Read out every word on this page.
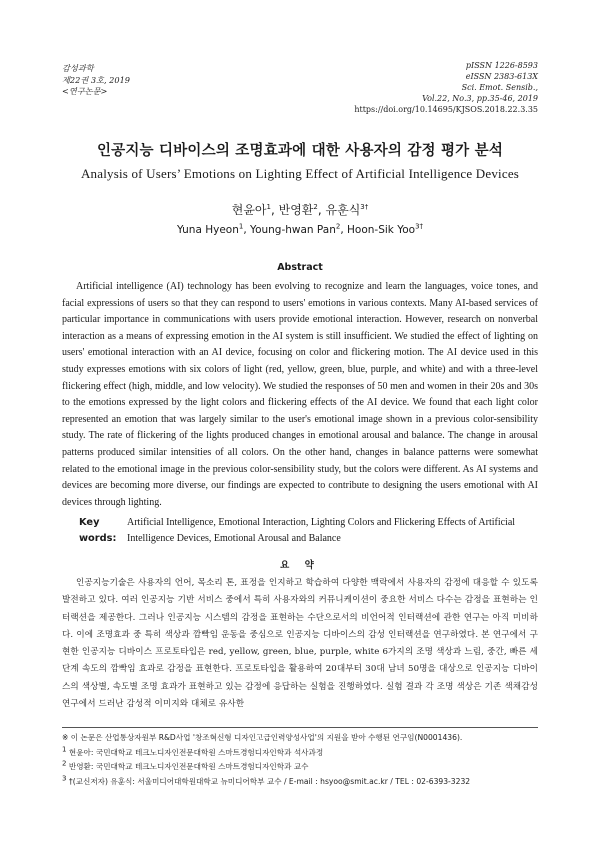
감성과학
제22권 3호, 2019
<연구논문>
pISSN 1226-8593
eISSN 2383-613X
Sci. Emot. Sensib.,
Vol.22, No.3, pp.35-46, 2019
https://doi.org/10.14695/KJSOS.2018.22.3.35
인공지능 디바이스의 조명효과에 대한 사용자의 감정 평가 분석
Analysis of Users’ Emotions on Lighting Effect of Artificial Intelligence Devices
현윤아$^1$, 반영환$^2$, 유훈식$^{3\dagger}$
Yuna Hyeon$^1$, Young-hwan Pan$^2$, Hoon-Sik Yoo$^{3\dagger}$
Abstract

Artificial intelligence (AI) technology has been evolving to recognize and learn the languages, voice tones, and facial expressions of users so that they can respond to users' emotions in various contexts. Many AI-based services of particular importance in communications with users provide emotional interaction. However, research on nonverbal interaction as a means of expressing emotion in the AI system is still insufficient. We studied the effect of lighting on users' emotional interaction with an AI device, focusing on color and flickering motion. The AI device used in this study expresses emotions with six colors of light (red, yellow, green, blue, purple, and white) and with a three-level flickering effect (high, middle, and low velocity). We studied the responses of 50 men and women in their 20s and 30s to the emotions expressed by the light colors and flickering effects of the AI device. We found that each light color represented an emotion that was largely similar to the user's emotional image shown in a previous color-sensibility study. The rate of flickering of the lights produced changes in emotional arousal and balance. The change in arousal patterns produced similar intensities of all colors. On the other hand, changes in balance patterns were somewhat related to the emotional image in the previous color-sensibility study, but the colors were different. As AI systems and devices are becoming more diverse, our findings are expected to contribute to designing the users emotional with AI devices through lighting.

Key words:
Artificial Intelligence, Emotional Interaction, Lighting Colors and Flickering Effects of Artificial Intelligence Devices, Emotional Arousal and Balance
요 약

인공지능기술은 사용자의 언어, 목소리 톤, 표정을 인지하고 학습하여 다양한 맥락에서 사용자의 감정에 대응할 수 있도록 발전하고 있다. 여러 인공지능 기반 서비스 중에서 특히 사용자와의 커뮤니케이션이 중요한 서비스 다수는 감정을 표현하는 인터랙션을 제공한다. 그러나 인공지능 시스템의 감정을 표현하는 수단으로서의 비언어적 인터랙션에 관한 연구는 아직 미비하다. 이에 조명효과 중 특히 색상과 깜빡임 운동을 중심으로 인공지능 디바이스의 감성 인터랙션을 연구하였다. 본 연구에서 구현한 인공지능 디바이스 프로토타입은 red, yellow, green, blue, purple, white 6가지의 조명 색상과 느림, 중간, 빠른 세 단계 속도의 깜빡임 효과로 감정을 표현한다. 프로토타입을 활용하여 20대부터 30대 남녀 50명을 대상으로 인공지능 디바이스의 색상별, 속도별 조명 효과가 표현하고 있는 감정에 응답하는 실험을 진행하였다. 실험 결과 각 조명 색상은 기존 색채감성연구에서 드러난 감성적 이미지와 대체로 유사한

※ 이 논문은 산업통상자원부 R&D사업 '창조혁신형 디자인고급인력양성사업'의 지원을 받아 수행된 연구임(N0001436).
$^1$ 현윤아: 국민대학교 테크노디자인전문대학원 스마트경험디자인학과 석사과정
$^2$ 반영환: 국민대학교 테크노디자인전문대학원 스마트경험디자인학과 교수
$^3$ †(교신저자) 유훈식: 서울미디어대학원대학교 뉴미디어학부 교수 / E-mail : hsyoo@smit.ac.kr / TEL : 02-6393-3232
